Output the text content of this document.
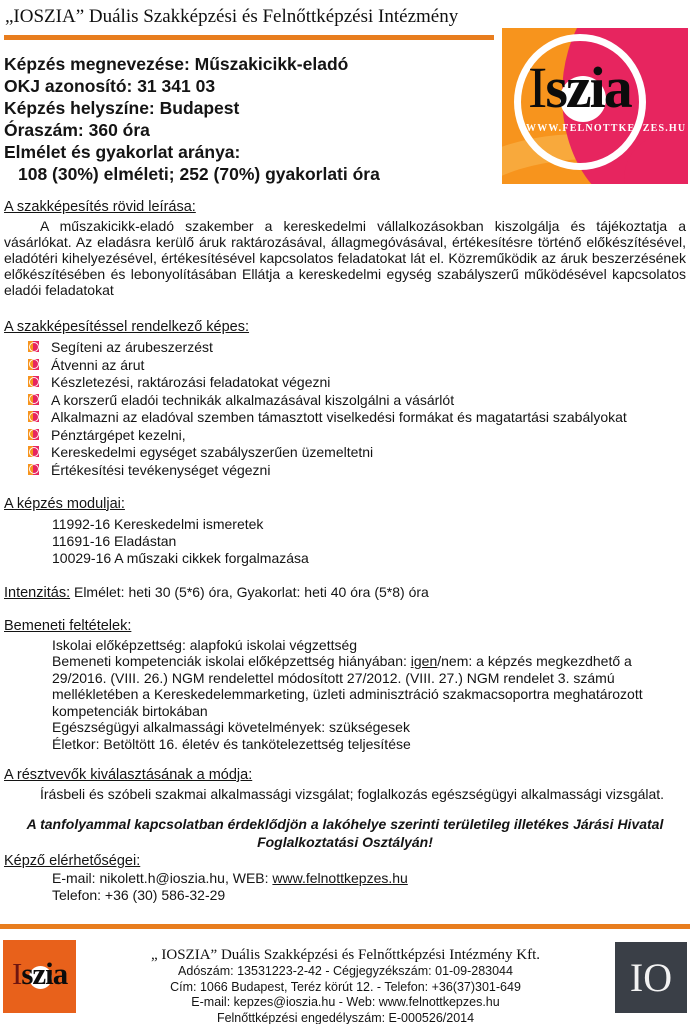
„IOSZIA” Duális Szakképzési és Felnőttképzési Intézmény
Iszia
WWW.FELNOTTKEPZES.HU
Képzés megnevezése: Műszakicikk-eladó
OKJ azonosító: 31 341 03
Képzés helyszíne: Budapest
Óraszám: 360 óra
Elmélet és gyakorlat aránya:
108 (30%) elméleti; 252 (70%) gyakorlati óra
A szakképesítés rövid leírása:
A műszakicikk-eladó szakember a kereskedelmi vállalkozásokban kiszolgálja és tájékoztatja a vásárlókat. Az eladásra kerülő áruk raktározásával, állagmegóvásával, értékesítésre történő előkészítésével, eladótéri kihelyezésével, értékesítésével kapcsolatos feladatokat lát el. Közreműködik az áruk beszerzésének előkészítésében és lebonyolításában Ellátja a kereskedelmi egység szabályszerű működésével kapcsolatos eladói feladatokat
A szakképesítéssel rendelkező képes:
Segíteni az árubeszerzést
Átvenni az árut
Készletezési, raktározási feladatokat végezni
A korszerű eladói technikák alkalmazásával kiszolgálni a vásárlót
Alkalmazni az eladóval szemben támasztott viselkedési formákat és magatartási szabályokat
Pénztárgépet kezelni,
Kereskedelmi egységet szabályszerűen üzemeltetni
Értékesítési tevékenységet végezni
A képzés moduljai:
11992-16 Kereskedelmi ismeretek
11691-16 Eladástan
10029-16 A műszaki cikkek forgalmazása
Intenzitás: Elmélet: heti 30 (5*6) óra, Gyakorlat: heti 40 óra (5*8) óra
Bemeneti feltételek:
Iskolai előképzettség: alapfokú iskolai végzettség
Bemeneti kompetenciák iskolai előképzettség hiányában: igen/nem: a képzés megkezdhető a 29/2016. (VIII. 26.) NGM rendelettel módosított 27/2012. (VIII. 27.) NGM rendelet 3. számú mellékletében a Kereskedelemmarketing, üzleti adminisztráció szakmacsoportra meghatározott kompetenciák birtokában
Egészségügyi alkalmassági követelmények: szükségesek
Életkor: Betöltött 16. életév és tankötelezettség teljesítése
A résztvevők kiválasztásának a módja:
Írásbeli és szóbeli szakmai alkalmassági vizsgálat; foglalkozás egészségügyi alkalmassági vizsgálat.
A tanfolyammal kapcsolatban érdeklődjön a lakóhelye szerinti területileg illetékes Járási Hivatal Foglalkoztatási Osztályán!
Képző elérhetőségei:
E-mail: nikolett.h@ioszia.hu, WEB: www.felnottkepzes.hu
Telefon: +36 (30) 586-32-29
Iszia
„ IOSZIA” Duális Szakképzési és Felnőttképzési Intézmény Kft.
Adószám: 13531223-2-42 - Cégjegyzékszám: 01-09-283044
Cím: 1066 Budapest, Teréz körút 12. - Telefon: +36(37)301-649
E-mail: kepzes@ioszia.hu - Web: www.felnottkepzes.hu
Felnőttképzési engedélyszám: E-000526/2014
IO
